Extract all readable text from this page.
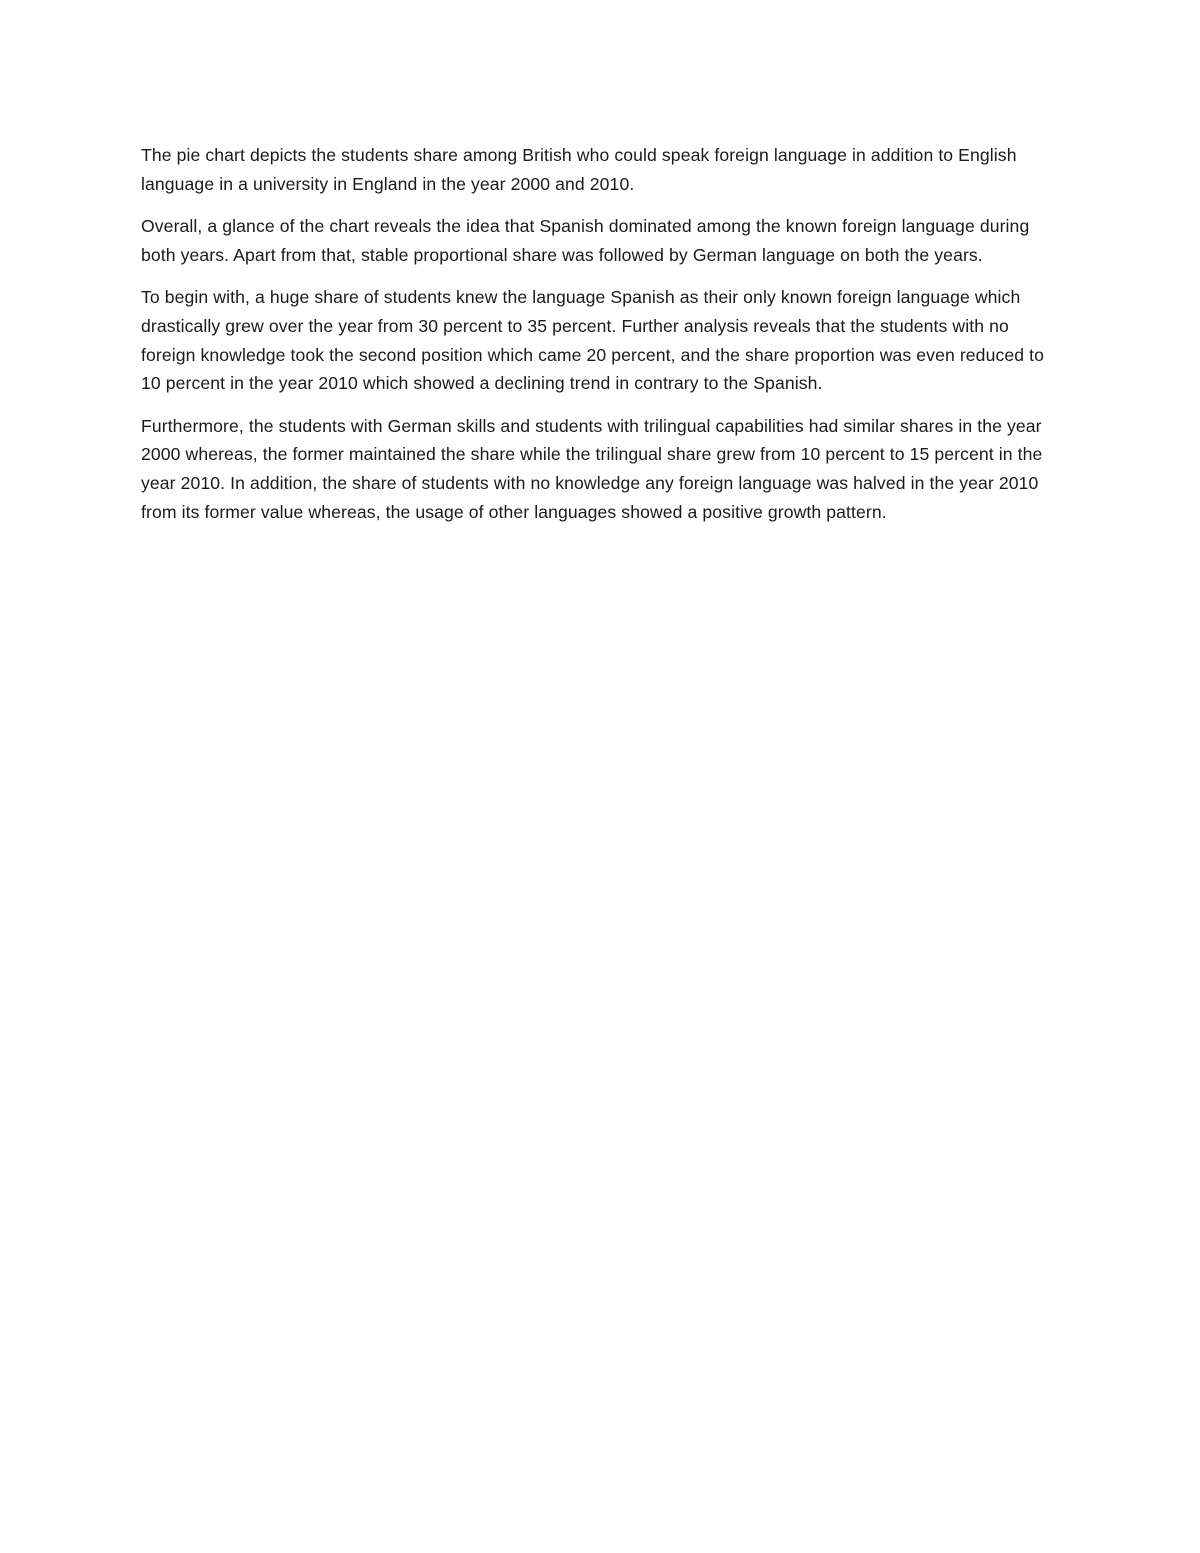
The pie chart depicts the students share among British who could speak foreign language in addition to English language in a university in England in the year 2000 and 2010.

Overall, a glance of the chart reveals the idea that Spanish dominated among the known foreign language during both years. Apart from that, stable proportional share was followed by German language on both the years.

To begin with, a huge share of students knew the language Spanish as their only known foreign language which drastically grew over the year from 30 percent to 35 percent. Further analysis reveals that the students with no foreign knowledge took the second position which came 20 percent, and the share proportion was even reduced to 10 percent in the year 2010 which showed a declining trend in contrary to the Spanish.

Furthermore, the students with German skills and students with trilingual capabilities had similar shares in the year 2000 whereas, the former maintained the share while the trilingual share grew from 10 percent to 15 percent in the year 2010. In addition, the share of students with no knowledge any foreign language was halved in the year 2010 from its former value whereas, the usage of other languages showed a positive growth pattern.
